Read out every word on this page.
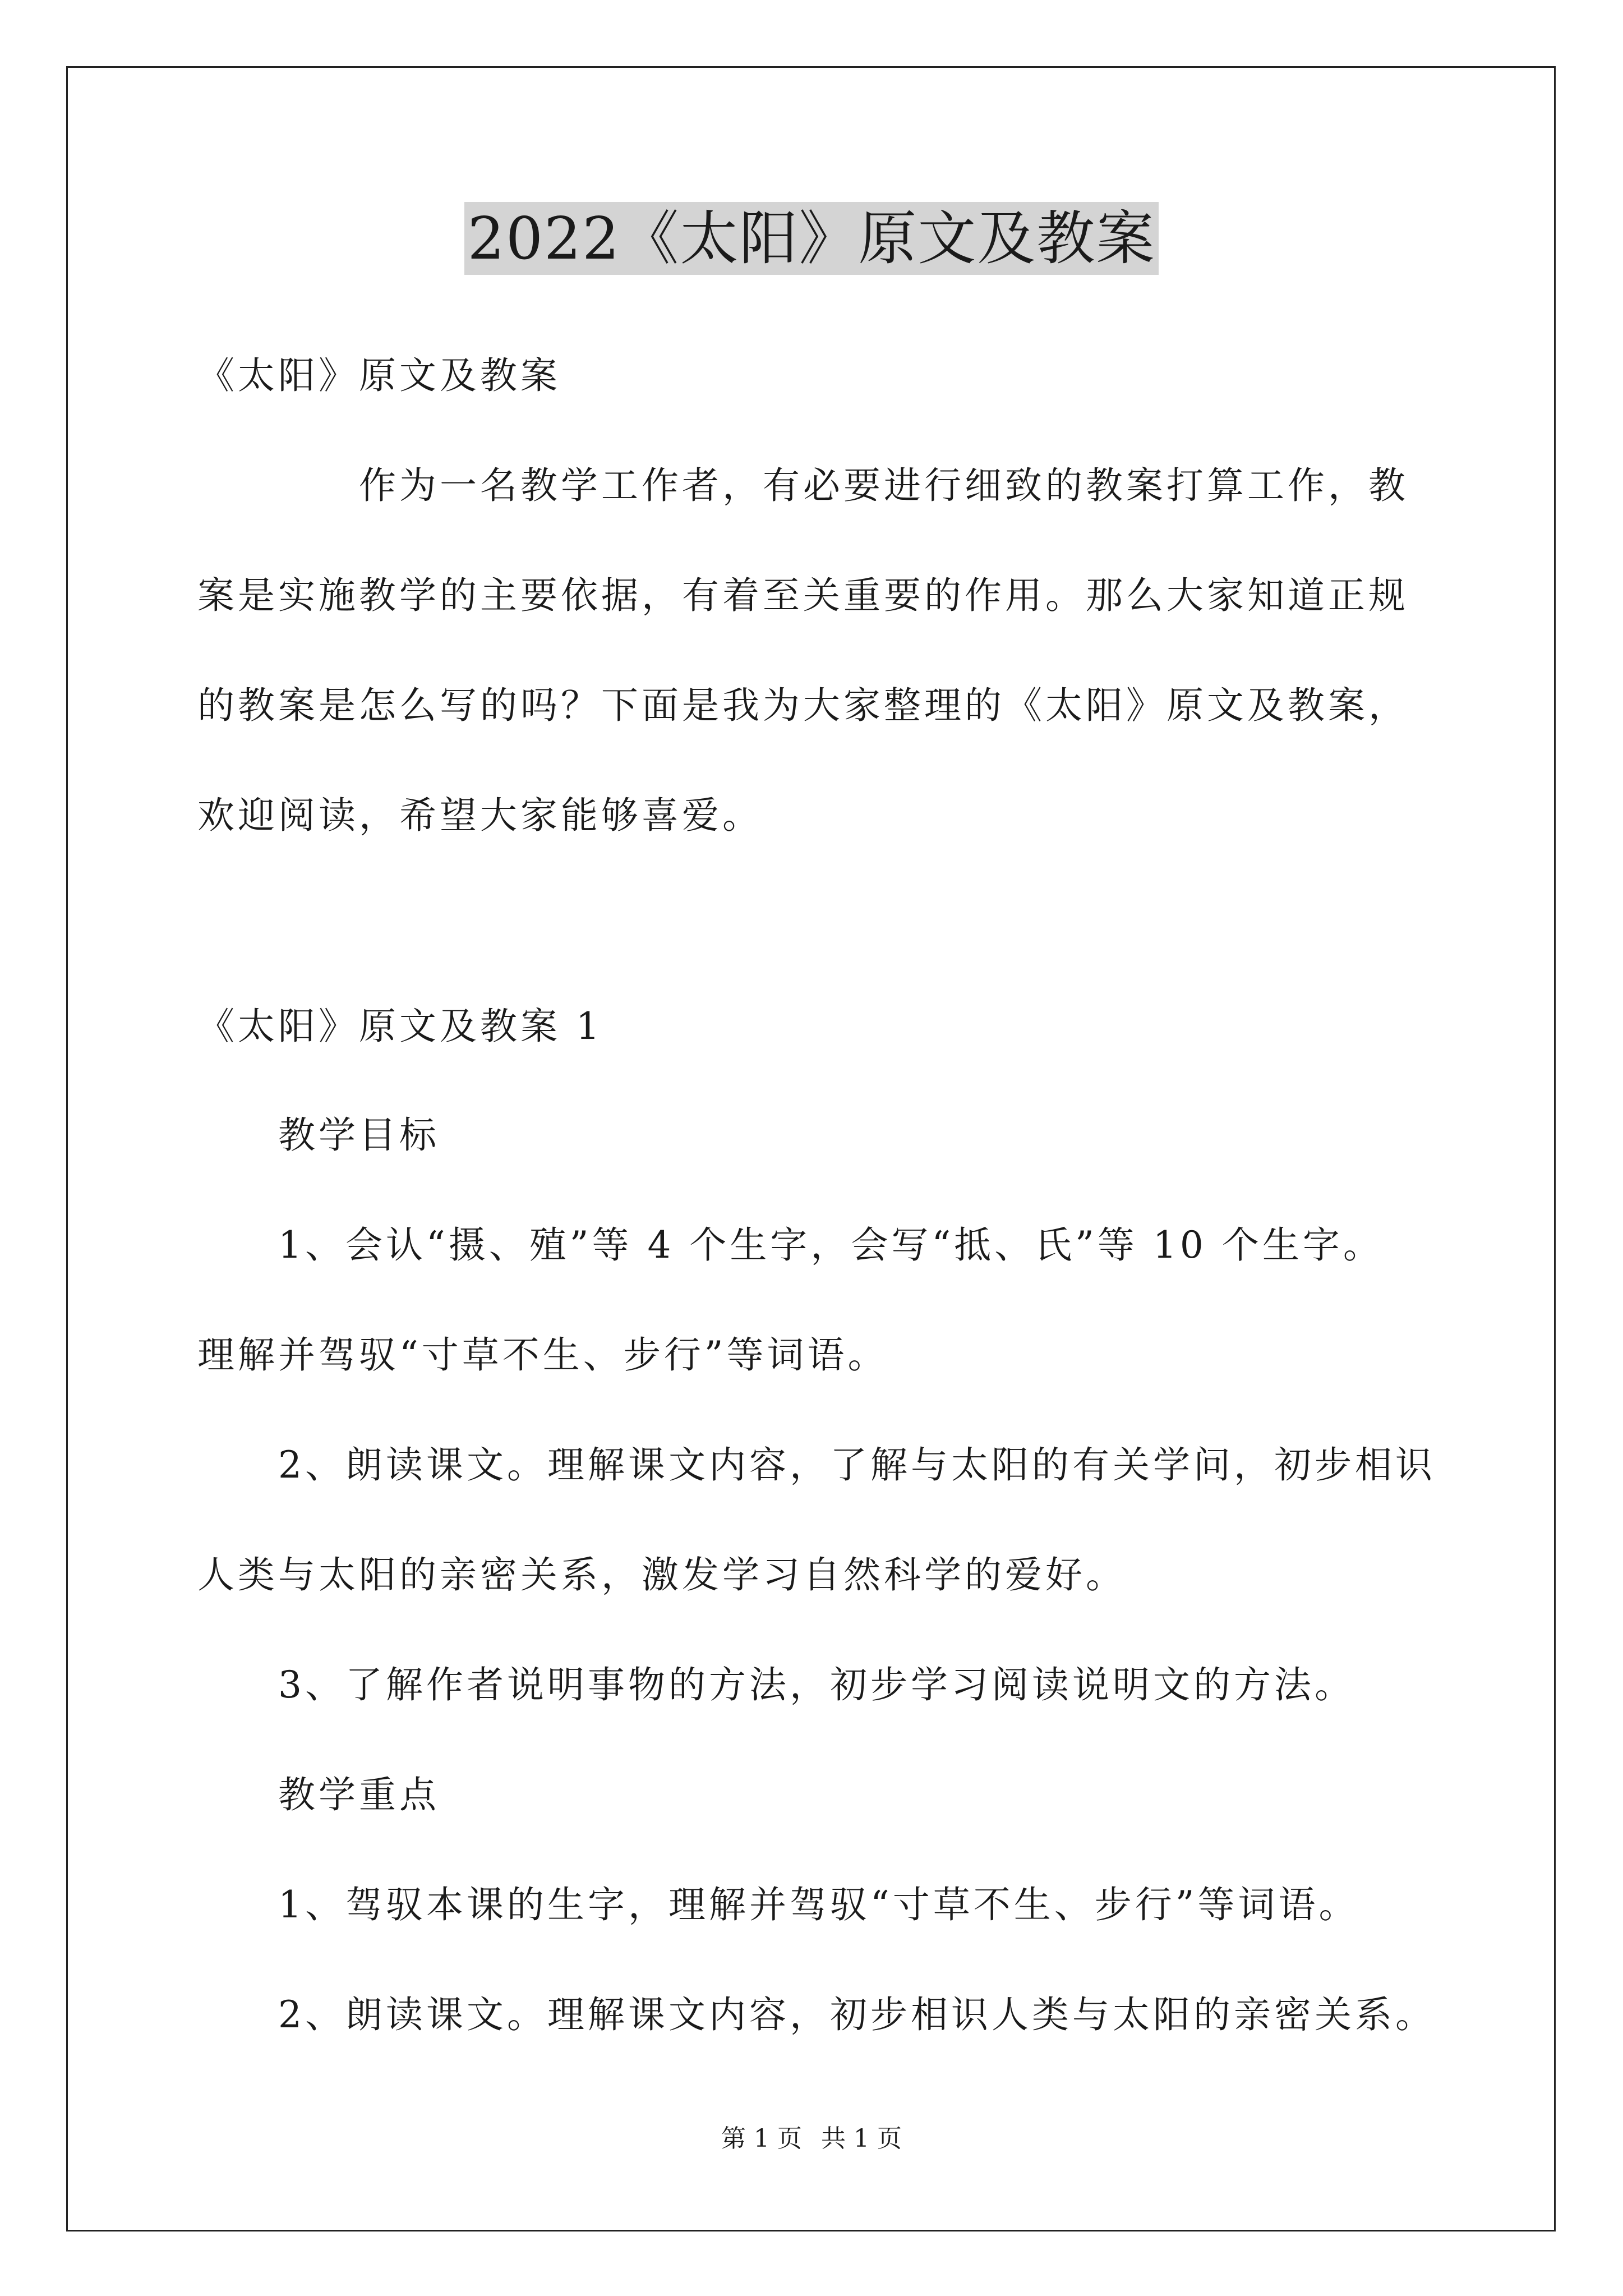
2022《太阳》原文及教案
《太阳》原文及教案
作为一名教学工作者，有必要进行细致的教案打算工作，教
案是实施教学的主要依据，有着至关重要的作用。那么大家知道正规
的教案是怎么写的吗？下面是我为大家整理的《太阳》原文及教案，
欢迎阅读，希望大家能够喜爱。
《太阳》原文及教案 1
教学目标
1、会认“摄、殖”等 4 个生字，会写“抵、氏”等 10 个生字。
理解并驾驭“寸草不生、步行”等词语。
2、朗读课文。理解课文内容，了解与太阳的有关学问，初步相识
人类与太阳的亲密关系，激发学习自然科学的爱好。
3、了解作者说明事物的方法，初步学习阅读说明文的方法。
教学重点
1、驾驭本课的生字，理解并驾驭“寸草不生、步行”等词语。
2、朗读课文。理解课文内容，初步相识人类与太阳的亲密关系。
第 1 页 共 1 页
